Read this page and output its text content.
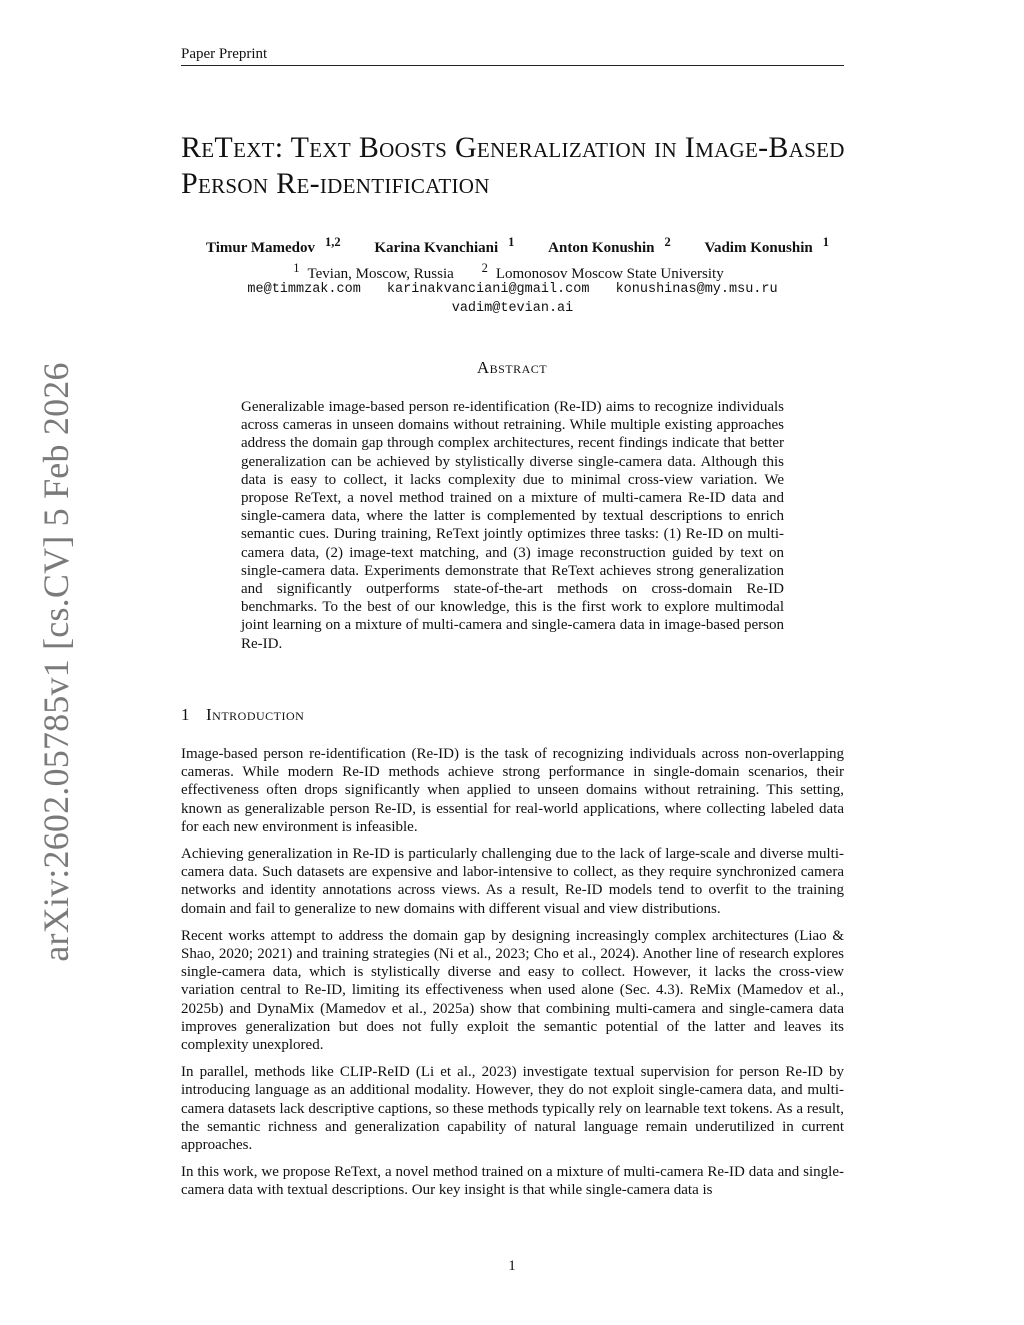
Paper Preprint
arXiv:2602.05785v1 [cs.CV] 5 Feb 2026
ReText: Text Boosts Generalization in Image-Based Person Re-identification
Timur Mamedov $^{1,2}$ Karina Kvanchiani $^1$ Anton Konushin $^2$ Vadim Konushin $^1$
$^1$ Tevian, Moscow, Russia $^2$ Lomonosov Moscow State University
me@timmzak.com karinakvanciani@gmail.com konushinas@my.msu.ru
vadim@tevian.ai
Abstract

Generalizable image-based person re-identification (Re-ID) aims to recognize individuals across cameras in unseen domains without retraining. While multiple existing approaches address the domain gap through complex architectures, recent findings indicate that better generalization can be achieved by stylistically diverse single-camera data. Although this data is easy to collect, it lacks complexity due to minimal cross-view variation. We propose ReText, a novel method trained on a mixture of multi-camera Re-ID data and single-camera data, where the latter is complemented by textual descriptions to enrich semantic cues. During training, ReText jointly optimizes three tasks: (1) Re-ID on multi-camera data, (2) image-text matching, and (3) image reconstruction guided by text on single-camera data. Experiments demonstrate that ReText achieves strong generalization and significantly outperforms state-of-the-art methods on cross-domain Re-ID benchmarks. To the best of our knowledge, this is the first work to explore multimodal joint learning on a mixture of multi-camera and single-camera data in image-based person Re-ID.

1 Introduction

Image-based person re-identification (Re-ID) is the task of recognizing individuals across non-overlapping cameras. While modern Re-ID methods achieve strong performance in single-domain scenarios, their effectiveness often drops significantly when applied to unseen domains without retraining. This setting, known as generalizable person Re-ID, is essential for real-world applications, where collecting labeled data for each new environment is infeasible.

Achieving generalization in Re-ID is particularly challenging due to the lack of large-scale and diverse multi-camera data. Such datasets are expensive and labor-intensive to collect, as they require synchronized camera networks and identity annotations across views. As a result, Re-ID models tend to overfit to the training domain and fail to generalize to new domains with different visual and view distributions.

Recent works attempt to address the domain gap by designing increasingly complex architectures (Liao & Shao, 2020; 2021) and training strategies (Ni et al., 2023; Cho et al., 2024). Another line of research explores single-camera data, which is stylistically diverse and easy to collect. However, it lacks the cross-view variation central to Re-ID, limiting its effectiveness when used alone (Sec. 4.3). ReMix (Mamedov et al., 2025b) and DynaMix (Mamedov et al., 2025a) show that combining multi-camera and single-camera data improves generalization but does not fully exploit the semantic potential of the latter and leaves its complexity unexplored.

In parallel, methods like CLIP-ReID (Li et al., 2023) investigate textual supervision for person Re-ID by introducing language as an additional modality. However, they do not exploit single-camera data, and multi-camera datasets lack descriptive captions, so these methods typically rely on learnable text tokens. As a result, the semantic richness and generalization capability of natural language remain underutilized in current approaches.

In this work, we propose ReText, a novel method trained on a mixture of multi-camera Re-ID data and single-camera data with textual descriptions. Our key insight is that while single-camera data is

1
